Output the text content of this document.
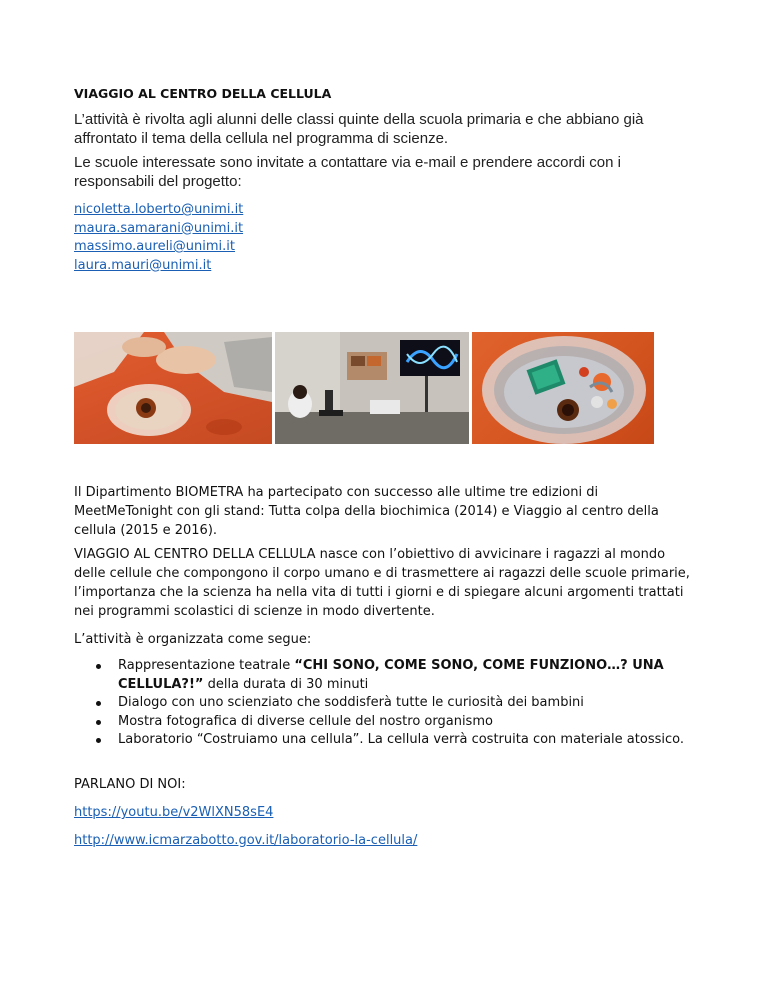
VIAGGIO AL CENTRO DELLA CELLULA
L’attività è rivolta agli alunni delle classi quinte della scuola primaria e che abbiano già affrontato il tema della cellula nel programma di scienze.
Le scuole interessate sono invitate a contattare via e-mail e prendere accordi con i responsabili del progetto:
nicoletta.loberto@unimi.it
maura.samarani@unimi.it
massimo.aureli@unimi.it
laura.mauri@unimi.it
Il Dipartimento BIOMETRA ha partecipato con successo alle ultime tre edizioni di MeetMeTonight con gli stand: Tutta colpa della biochimica (2014) e Viaggio al centro della cellula (2015 e 2016).
VIAGGIO AL CENTRO DELLA CELLULA nasce con l’obiettivo di avvicinare i ragazzi al mondo delle cellule che compongono il corpo umano e di trasmettere ai ragazzi delle scuole primarie, l’importanza che la scienza ha nella vita di tutti i giorni e di spiegare alcuni argomenti trattati nei programmi scolastici di scienze in modo divertente.
L’attività è organizzata come segue:
Rappresentazione teatrale “CHI SONO, COME SONO, COME FUNZIONO…? UNA CELLULA?!” della durata di 30 minuti
Dialogo con uno scienziato che soddisferà tutte le curiosità dei bambini
Mostra fotografica di diverse cellule del nostro organismo
Laboratorio “Costruiamo una cellula”. La cellula verrà costruita con materiale atossico.
PARLANO DI NOI:
https://youtu.be/v2WlXN58sE4
http://www.icmarzabotto.gov.it/laboratorio-la-cellula/
